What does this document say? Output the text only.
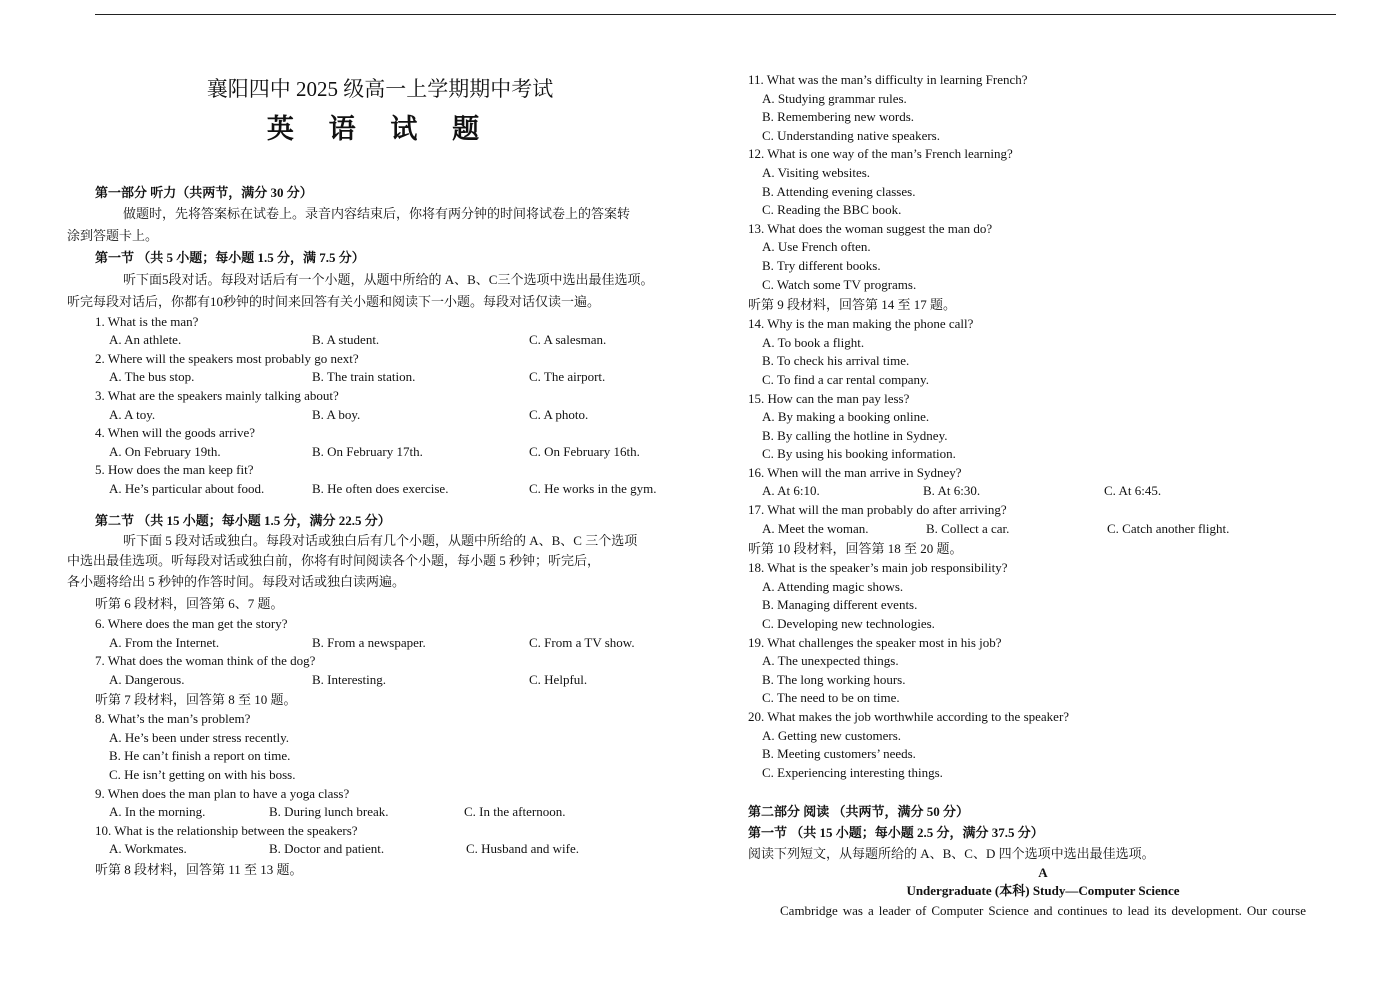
襄阳四中 2025 级高一上学期期中考试
英 语 试 题
第一部分 听力（共两节，满分 30 分）
做题时，先将答案标在试卷上。录音内容结束后，你将有两分钟的时间将试卷上的答案转
涂到答题卡上。
第一节 （共 5 小题；每小题 1.5 分，满 7.5 分）
听下面5段对话。每段对话后有一个小题，从题中所给的 A、B、C三个选项中选出最佳选项。
听完每段对话后，你都有10秒钟的时间来回答有关小题和阅读下一小题。每段对话仅读一遍。
1. What is the man?
A. An athlete.	B. A student.	C. A salesman.
2. Where will the speakers most probably go next?
A. The bus stop.	B. The train station.	C. The airport.
3. What are the speakers mainly talking about?
A. A toy.	B. A boy.	C. A photo.
4. When will the goods arrive?
A. On February 19th.	B. On February 17th.	C. On February 16th.
5. How does the man keep fit?
A. He’s particular about food.	B. He often does exercise.	C. He works in the gym.
第二节 （共 15 小题；每小题 1.5 分，满分 22.5 分）
听下面 5 段对话或独白。每段对话或独白后有几个小题，从题中所给的 A、B、C 三个选项
中选出最佳选项。听每段对话或独白前，你将有时间阅读各个小题，每小题 5 秒钟；听完后，
各小题将给出 5 秒钟的作答时间。每段对话或独白读两遍。
听第 6 段材料，回答第 6、7 题。
6. Where does the man get the story?
A. From the Internet.	B. From a newspaper.	C. From a TV show.
7. What does the woman think of the dog?
A. Dangerous.	B. Interesting.	C. Helpful.
听第 7 段材料，回答第 8 至 10 题。
8. What’s the man’s problem?
A. He’s been under stress recently.
B. He can’t finish a report on time.
C. He isn’t getting on with his boss.
9. When does the man plan to have a yoga class?
A. In the morning.	B. During lunch break.	C. In the afternoon.
10. What is the relationship between the speakers?
A. Workmates.	B. Doctor and patient.	C. Husband and wife.
听第 8 段材料，回答第 11 至 13 题。
11. What was the man’s difficulty in learning French?
A. Studying grammar rules.
B. Remembering new words.
C. Understanding native speakers.
12. What is one way of the man’s French learning?
A. Visiting websites.
B. Attending evening classes.
C. Reading the BBC book.
13. What does the woman suggest the man do?
A. Use French often.
B. Try different books.
C. Watch some TV programs.
听第 9 段材料，回答第 14 至 17 题。
14. Why is the man making the phone call?
A. To book a flight.
B. To check his arrival time.
C. To find a car rental company.
15. How can the man pay less?
A. By making a booking online.
B. By calling the hotline in Sydney.
C. By using his booking information.
16. When will the man arrive in Sydney?
A. At 6:10.	B. At 6:30.	C. At 6:45.
17. What will the man probably do after arriving?
A. Meet the woman.	B. Collect a car.	C. Catch another flight.
听第 10 段材料，回答第 18 至 20 题。
18. What is the speaker’s main job responsibility?
A. Attending magic shows.
B. Managing different events.
C. Developing new technologies.
19. What challenges the speaker most in his job?
A. The unexpected things.
B. The long working hours.
C. The need to be on time.
20. What makes the job worthwhile according to the speaker?
A. Getting new customers.
B. Meeting customers’ needs.
C. Experiencing interesting things.
第二部分 阅读 （共两节，满分 50 分）
第一节 （共 15 小题；每小题 2.5 分，满分 37.5 分）
阅读下列短文，从每题所给的 A、B、C、D 四个选项中选出最佳选项。
A
Undergraduate (本科) Study—Computer Science
Cambridge was a leader of Computer Science and continues to lead its development. Our course
